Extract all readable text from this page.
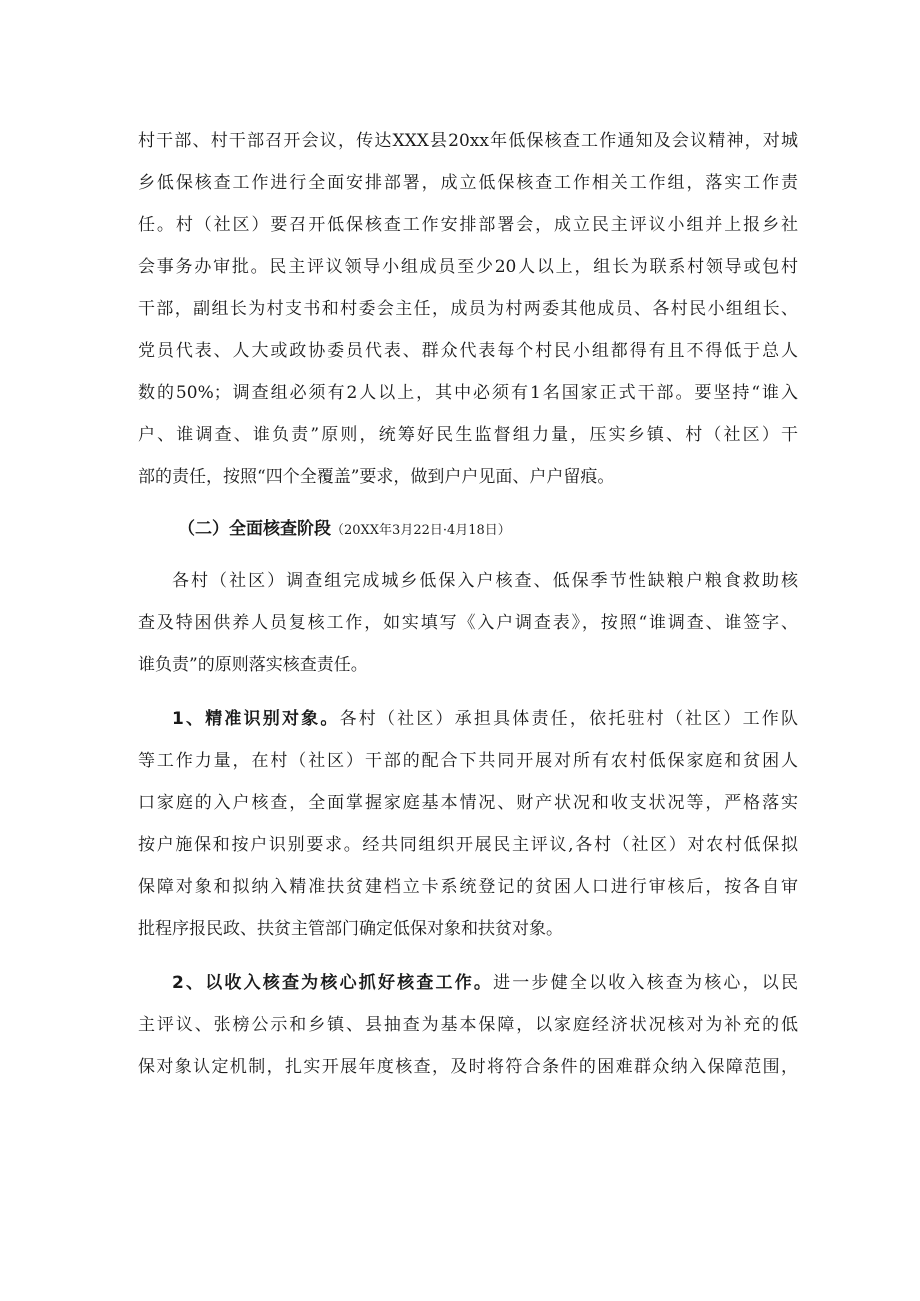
村干部、村干部召开会议，传达XXX县20xx年低保核查工作通知及会议精神，对城
乡低保核查工作进行全面安排部署，成立低保核查工作相关工作组，落实工作责
任。村（社区）要召开低保核查工作安排部署会，成立民主评议小组并上报乡社
会事务办审批。民主评议领导小组成员至少20人以上，组长为联系村领导或包村
干部，副组长为村支书和村委会主任，成员为村两委其他成员、各村民小组组长、
党员代表、人大或政协委员代表、群众代表每个村民小组都得有且不得低于总人
数的50%；调查组必须有2人以上，其中必须有1名国家正式干部。要坚持“谁入
户、谁调查、谁负责”原则，统筹好民生监督组力量，压实乡镇、村（社区）干
部的责任，按照“四个全覆盖”要求，做到户户见面、户户留痕。
（二）全面核查阶段（20XX年3月22日·4月18日）
各村（社区）调查组完成城乡低保入户核查、低保季节性缺粮户粮食救助核
查及特困供养人员复核工作，如实填写《入户调查表》，按照“谁调查、谁签字、
谁负责”的原则落实核查责任。
1、精准识别对象。各村（社区）承担具体责任，依托驻村（社区）工作队
等工作力量，在村（社区）干部的配合下共同开展对所有农村低保家庭和贫困人
口家庭的入户核查，全面掌握家庭基本情况、财产状况和收支状况等，严格落实
按户施保和按户识别要求。经共同组织开展民主评议,各村（社区）对农村低保拟
保障对象和拟纳入精准扶贫建档立卡系统登记的贫困人口进行审核后，按各自审
批程序报民政、扶贫主管部门确定低保对象和扶贫对象。
2、以收入核查为核心抓好核查工作。进一步健全以收入核查为核心，以民
主评议、张榜公示和乡镇、县抽查为基本保障，以家庭经济状况核对为补充的低
保对象认定机制，扎实开展年度核查，及时将符合条件的困难群众纳入保障范围，
